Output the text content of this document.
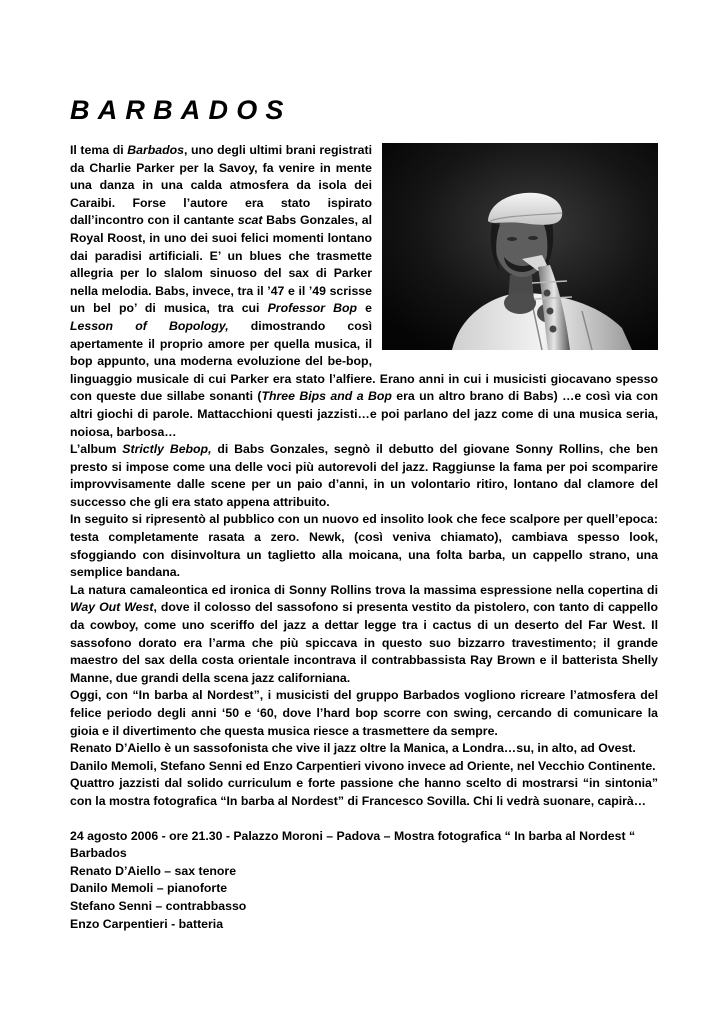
BARBADOS

Il tema di Barbados, uno degli ultimi brani registrati da Charlie Parker per la Savoy, fa venire in mente una danza in una calda atmosfera da isola dei Caraibi. Forse l’autore era stato ispirato dall’incontro con il cantante scat Babs Gonzales, al Royal Roost, in uno dei suoi felici momenti lontano dai paradisi artificiali. E’ un blues che trasmette allegria per lo slalom sinuoso del sax di Parker nella melodia. Babs, invece, tra il ’47 e il ’49 scrisse un bel po’ di musica, tra cui Professor Bop e Lesson of Bopology, dimostrando così apertamente il proprio amore per quella musica, il bop appunto, una moderna evoluzione del be-bop, linguaggio musicale di cui Parker era stato l’alfiere. Erano anni in cui i musicisti giocavano spesso con queste due sillabe sonanti (Three Bips and a Bop era un altro brano di Babs) …e così via con altri giochi di parole. Mattacchioni questi jazzisti…e poi parlano del jazz come di una musica seria, noiosa, barbosa…

L’album Strictly Bebop, di Babs Gonzales, segnò il debutto del giovane Sonny Rollins, che ben presto si impose come una delle voci più autorevoli del jazz. Raggiunse la fama per poi scomparire improvvisamente dalle scene per un paio d’anni, in un volontario ritiro, lontano dal clamore del successo che gli era stato appena attribuito.

In seguito si ripresentò al pubblico con un nuovo ed insolito look che fece scalpore per quell’epoca: testa completamente rasata a zero. Newk, (così veniva chiamato), cambiava spesso look, sfoggiando con disinvoltura un taglietto alla moicana, una folta barba, un cappello strano, una semplice bandana.

La natura camaleontica ed ironica di Sonny Rollins trova la massima espressione nella copertina di Way Out West, dove il colosso del sassofono si presenta vestito da pistolero, con tanto di cappello da cowboy, come uno sceriffo del jazz a dettar legge tra i cactus di un deserto del Far West. Il sassofono dorato era l’arma che più spiccava in questo suo bizzarro travestimento; il grande maestro del sax della costa orientale incontrava il contrabbassista Ray Brown e il batterista Shelly Manne, due grandi della scena jazz californiana.

Oggi, con “In barba al Nordest”, i musicisti del gruppo Barbados vogliono ricreare l’atmosfera del felice periodo degli anni ‘50 e ‘60, dove l’hard bop scorre con swing, cercando di comunicare la gioia e il divertimento che questa musica riesce a trasmettere da sempre.

Renato D’Aiello è un sassofonista che vive il jazz oltre la Manica, a Londra…su, in alto, ad Ovest.

Danilo Memoli, Stefano Senni ed Enzo Carpentieri vivono invece ad Oriente, nel Vecchio Continente.

Quattro jazzisti dal solido curriculum e forte passione che hanno scelto di mostrarsi “in sintonia” con la mostra fotografica “In barba al Nordest” di Francesco Sovilla. Chi li vedrà suonare, capirà…

24 agosto 2006 - ore 21.30 - Palazzo Moroni – Padova – Mostra fotografica “ In barba al Nordest “
Barbados
Renato D’Aiello – sax tenore
Danilo Memoli – pianoforte
Stefano Senni – contrabbasso
Enzo Carpentieri - batteria
